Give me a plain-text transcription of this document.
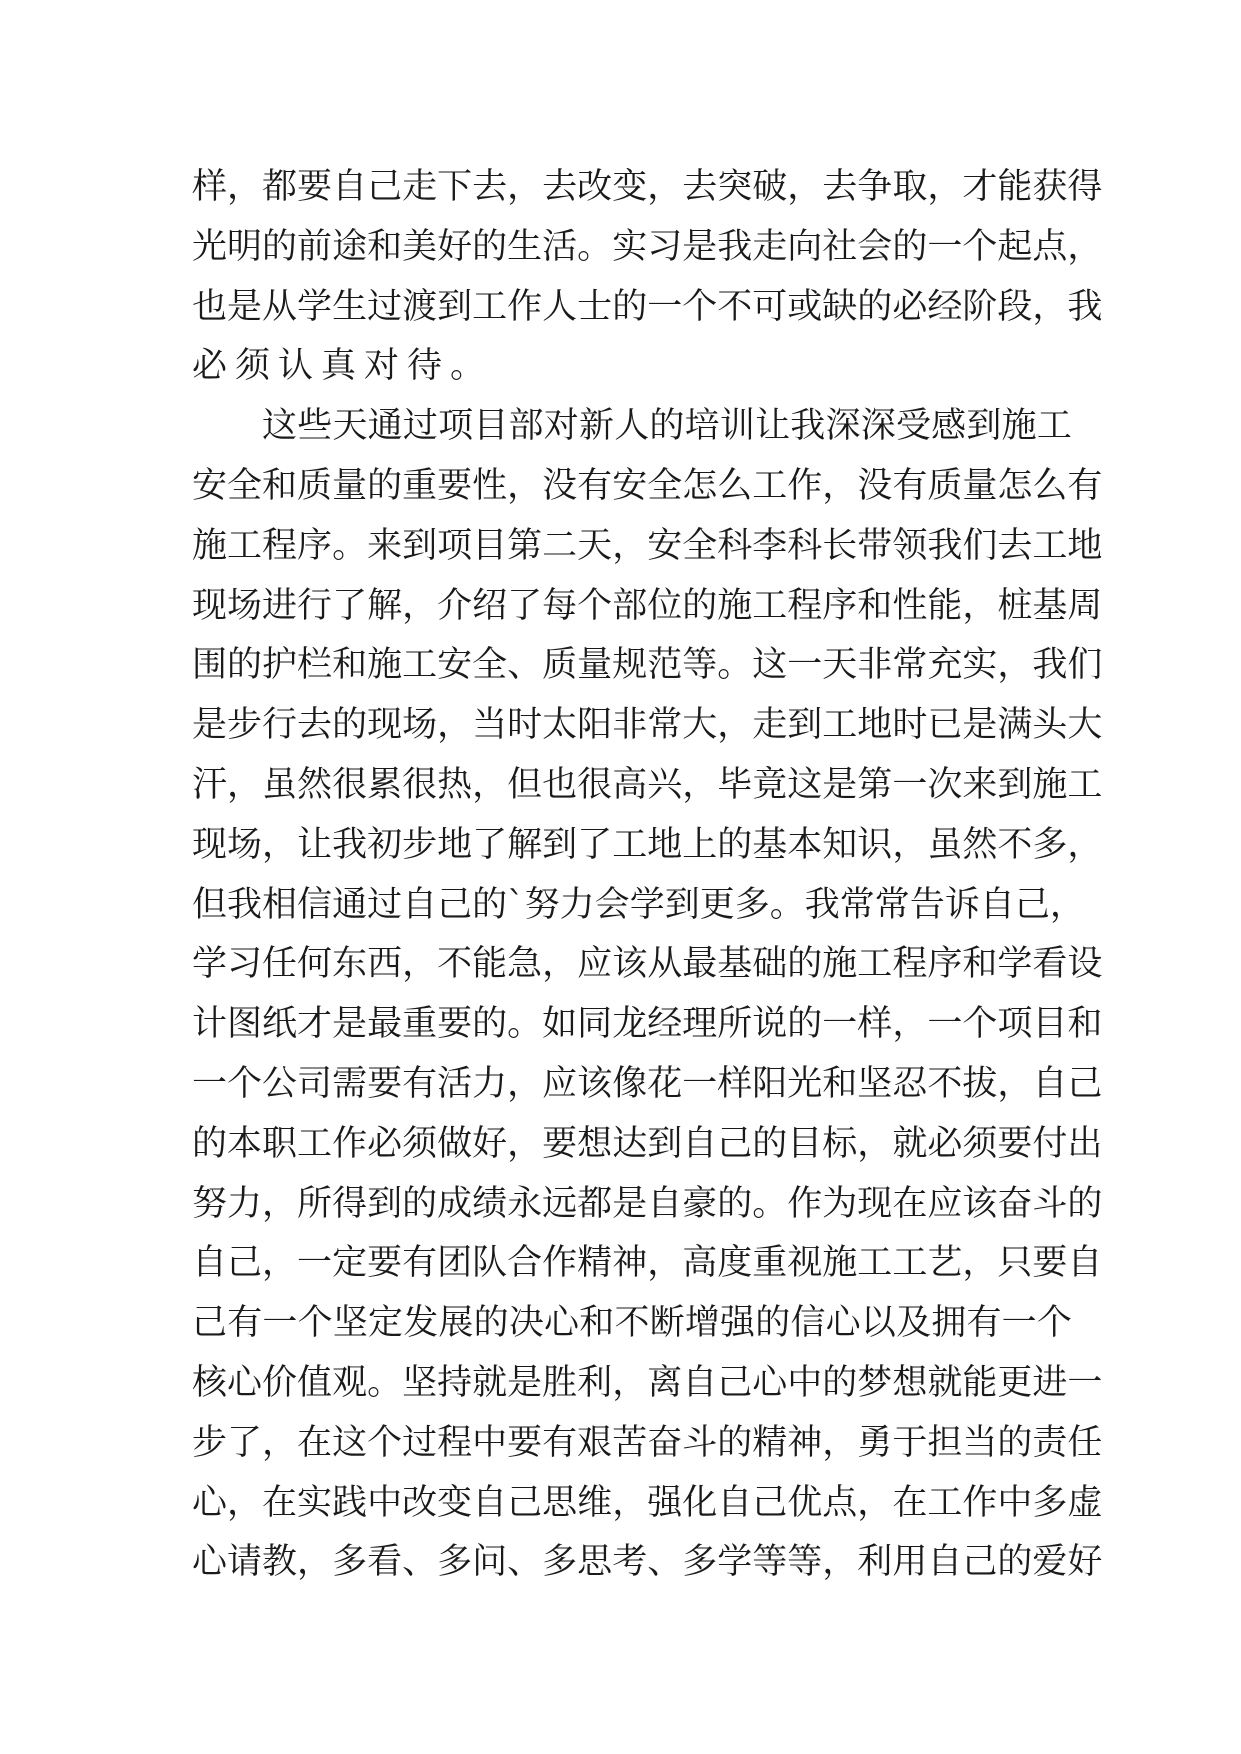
样 ， 都 要 自 己 走 下 去 ， 去 改 变 ， 去 突 破 ， 去 争 取 ， 才 能 获 得
光 明 的 前 途 和 美 好 的 生 活 。 实 习 是 我 走 向 社 会 的 一 个 起 点 ，
也 是 从 学 生 过 渡 到 工 作 人 士 的 一 个 不 可 或 缺 的 必 经 阶 段 ， 我
必须认真对待。
这 些 天 通 过 项 目 部 对 新 人 的 培 训 让 我 深 深 受 感 到 施 工
安 全 和 质 量 的 重 要 性 ， 没 有 安 全 怎 么 工 作 ， 没 有 质 量 怎 么 有
施 工 程 序 。 来 到 项 目 第 二 天 ， 安 全 科 李 科 长 带 领 我 们 去 工 地
现 场 进 行 了 解 ， 介 绍 了 每 个 部 位 的 施 工 程 序 和 性 能 ， 桩 基 周
围 的 护 栏 和 施 工 安 全 、 质 量 规 范 等 。 这 一 天 非 常 充 实 ， 我 们
是 步 行 去 的 现 场 ， 当 时 太 阳 非 常 大 ， 走 到 工 地 时 已 是 满 头 大
汗 ， 虽 然 很 累 很 热 ， 但 也 很 高 兴 ， 毕 竟 这 是 第 一 次 来 到 施 工
现 场 ， 让 我 初 步 地 了 解 到 了 工 地 上 的 基 本 知 识 ， 虽 然 不 多 ，
但 我 相 信 通 过 自 己 的 ` 努 力 会 学 到 更 多 。 我 常 常 告 诉 自 己 ，
学 习 任 何 东 西 ， 不 能 急 ， 应 该 从 最 基 础 的 施 工 程 序 和 学 看 设
计 图 纸 才 是 最 重 要 的 。 如 同 龙 经 理 所 说 的 一 样 ， 一 个 项 目 和
一 个 公 司 需 要 有 活 力 ， 应 该 像 花 一 样 阳 光 和 坚 忍 不 拔 ， 自 己
的 本 职 工 作 必 须 做 好 ， 要 想 达 到 自 己 的 目 标 ， 就 必 须 要 付 出
努 力 ， 所 得 到 的 成 绩 永 远 都 是 自 豪 的 。 作 为 现 在 应 该 奋 斗 的
自 己 ， 一 定 要 有 团 队 合 作 精 神 ， 高 度 重 视 施 工 工 艺 ， 只 要 自
己 有 一 个 坚 定 发 展 的 决 心 和 不 断 增 强 的 信 心 以 及 拥 有 一 个
核 心 价 值 观 。 坚 持 就 是 胜 利 ， 离 自 己 心 中 的 梦 想 就 能 更 进 一
步 了 ， 在 这 个 过 程 中 要 有 艰 苦 奋 斗 的 精 神 ， 勇 于 担 当 的 责 任
心 ， 在 实 践 中 改 变 自 己 思 维 ， 强 化 自 己 优 点 ， 在 工 作 中 多 虚
心 请 教 ， 多 看 、 多 问 、 多 思 考 、 多 学 等 等 ， 利 用 自 己 的 爱 好
